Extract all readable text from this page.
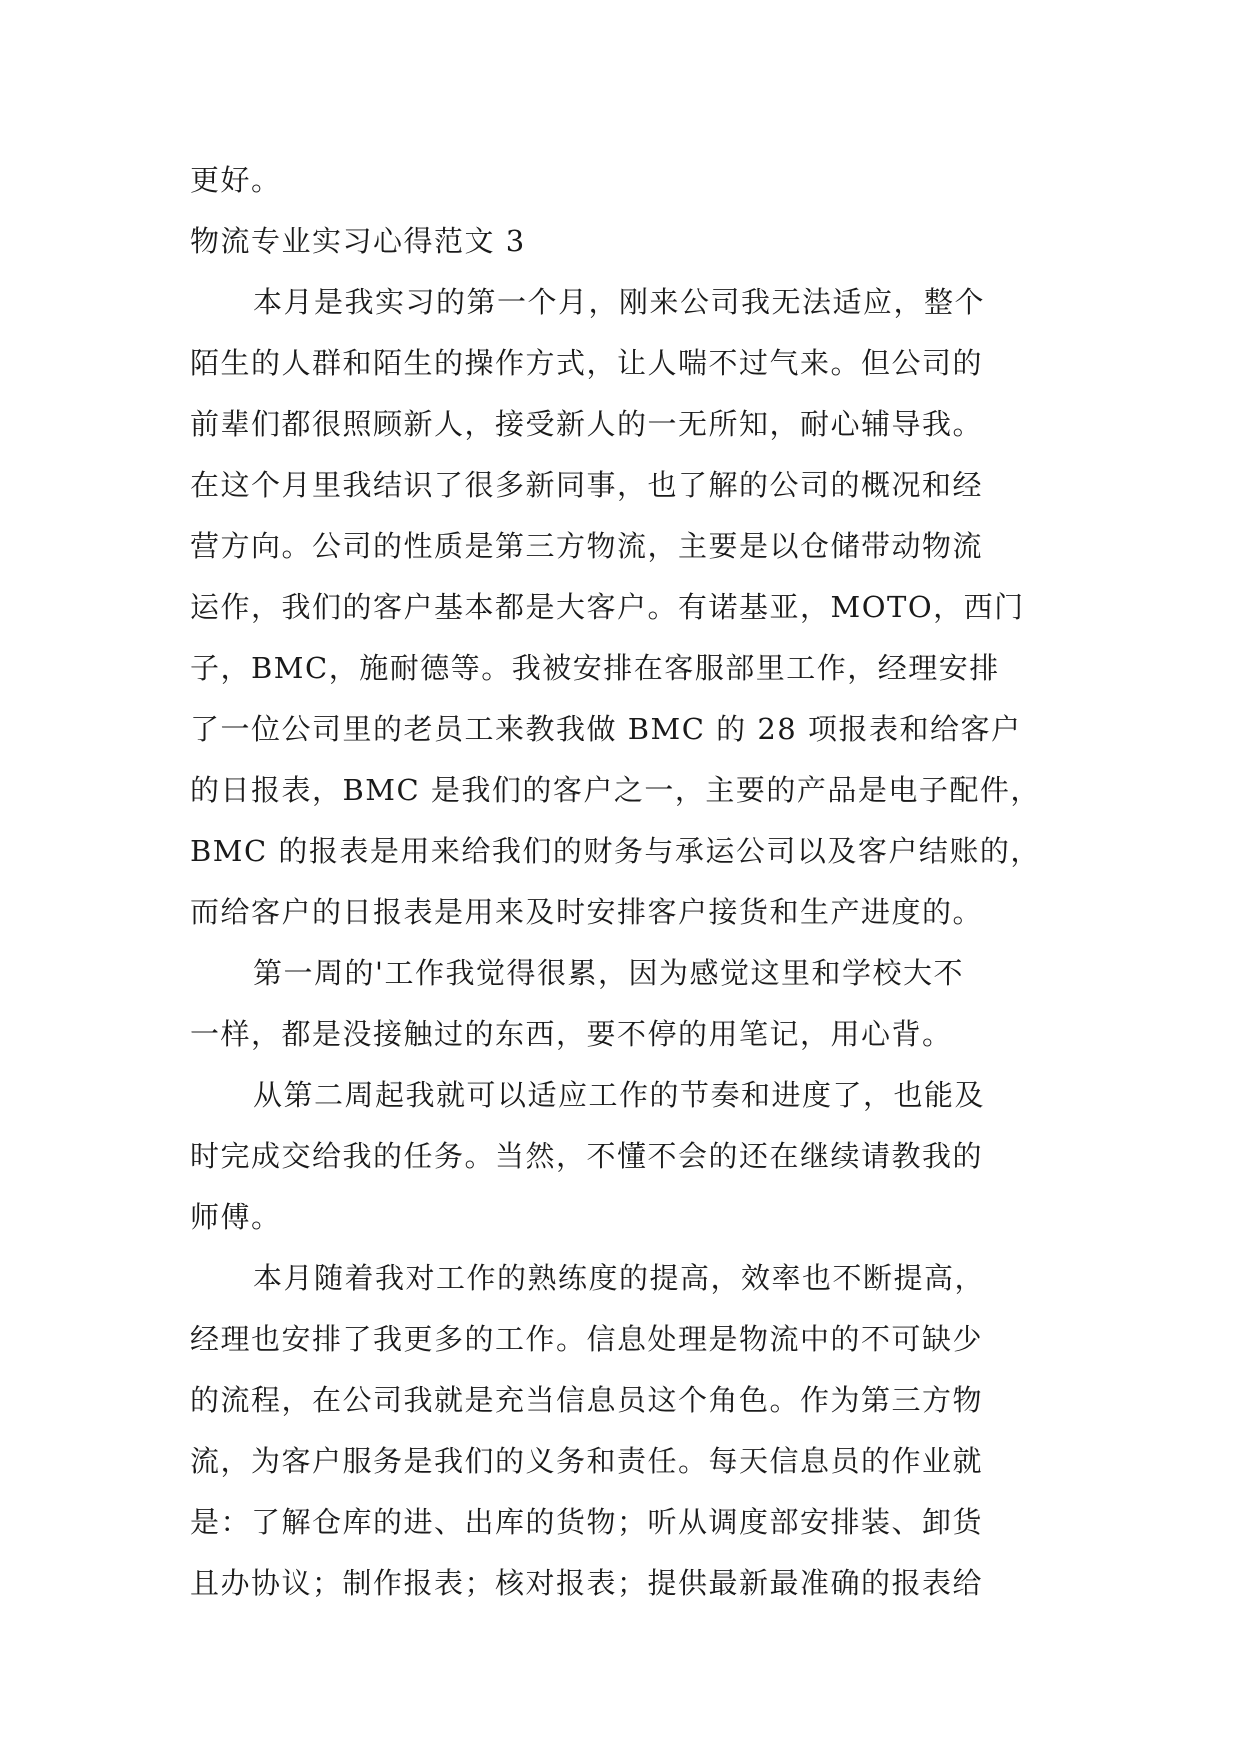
更好。
物流专业实习心得范文 3
本月是我实习的第一个月，刚来公司我无法适应，整个
陌生的人群和陌生的操作方式，让人喘不过气来。但公司的
前辈们都很照顾新人，接受新人的一无所知，耐心辅导我。
在这个月里我结识了很多新同事，也了解的公司的概况和经
营方向。公司的性质是第三方物流，主要是以仓储带动物流
运作，我们的客户基本都是大客户。有诺基亚，MOTO，西门
子，BMC，施耐德等。我被安排在客服部里工作，经理安排
了一位公司里的老员工来教我做 BMC 的 28 项报表和给客户
的日报表，BMC 是我们的客户之一，主要的产品是电子配件，
BMC 的报表是用来给我们的财务与承运公司以及客户结账的，
而给客户的日报表是用来及时安排客户接货和生产进度的。
第一周的'工作我觉得很累，因为感觉这里和学校大不
一样，都是没接触过的东西，要不停的用笔记，用心背。
从第二周起我就可以适应工作的节奏和进度了，也能及
时完成交给我的任务。当然，不懂不会的还在继续请教我的
师傅。
本月随着我对工作的熟练度的提高，效率也不断提高，
经理也安排了我更多的工作。信息处理是物流中的不可缺少
的流程，在公司我就是充当信息员这个角色。作为第三方物
流，为客户服务是我们的义务和责任。每天信息员的作业就
是：了解仓库的进、出库的货物；听从调度部安排装、卸货
且办协议；制作报表；核对报表；提供最新最准确的报表给
